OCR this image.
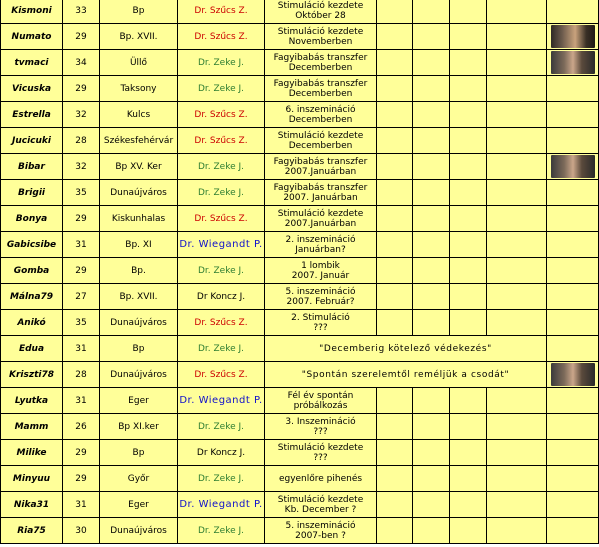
Kismoni	33	Bp	Dr. Szűcs Z.	Stimuláció kezdete
Október 28					

Numato	29	Bp. XVII.	Dr. Szűcs Z.	Stimuláció kezdete
Novemberben					

tvmaci	34	Üllő	Dr. Zeke J.	Fagyibabás transzfer
Decemberben					

Vicuska	29	Taksony	Dr. Zeke J.	Fagyibabás transzfer
Decemberben					

Estrella	32	Kulcs	Dr. Szűcs Z.	6. inszemináció
Decemberben					

Jucicuki	28	Székesfehérvár	Dr. Szűcs Z.	Stimuláció kezdete
Decemberben					

Bibar	32	Bp XV. Ker	Dr. Zeke J.	Fagyibabás transzfer
2007.Januárban					

Brigii	35	Dunaújváros	Dr. Zeke J.	Fagyibabás transzfer
2007. Januárban					

Bonya	29	Kiskunhalas	Dr. Szűcs Z.	Stimuláció kezdete
2007.Januárban					

Gabicsibe	31	Bp. XI	Dr. Wiegandt P.	2. inszemináció
Januárban?					

Gomba	29	Bp.	Dr. Zeke J.	1 lombik
2007. Január					

Málna79	27	Bp. XVII.	Dr Koncz J.	5. inszemináció
2007. Február?					

Anikó	35	Dunaújváros	Dr. Szűcs Z.	2. Stimuláció
???					

Edua	31	Bp	Dr. Zeke J.	"Decemberig kötelező védekezés"					

Kriszti78	28	Dunaújváros	Dr. Szűcs Z.	"Spontán szerelemtől reméljük a csodát"					

Lyutka	31	Eger	Dr. Wiegandt P.	Fél év spontán
próbálkozás					

Mamm	26	Bp XI.ker	Dr. Zeke J.	3. Inszemináció
???					

Milike	29	Bp	Dr Koncz J.	Stimuláció kezdete
???					

Minyuu	29	Győr	Dr. Zeke J.	egyenlőre pihenés					

Nika31	31	Eger	Dr. Wiegandt P.	Stimuláció kezdete
Kb. December ?					

Ria75	30	Dunaújváros	Dr. Zeke J.	5. inszemináció
2007-ben ?					
